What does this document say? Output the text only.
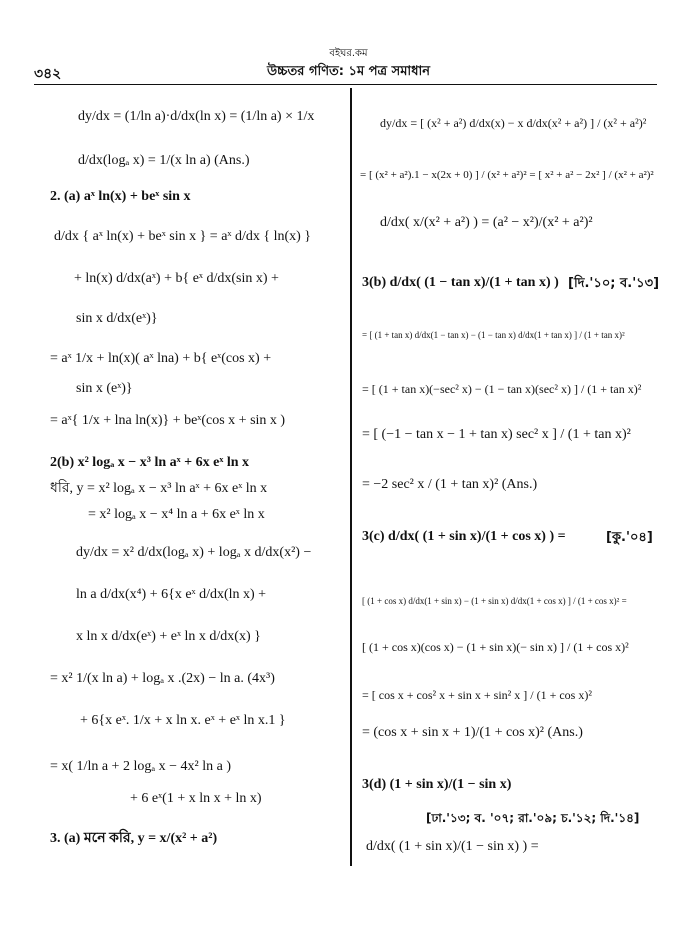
বইঘর.কম
৩৪২	উচ্চতর গণিত: ১ম পত্র সমাধান
dy/dx = (1/ln a)·d/dx(ln x) = (1/ln a) × 1/x
d/dx(logₐ x) = 1/(x ln a) (Ans.)
2. (a) aˣ ln(x) + beˣ sin x
d/dx { aˣ ln(x) + beˣ sin x } = aˣ d/dx { ln(x) }
+ ln(x) d/dx(aˣ) + b{ eˣ d/dx(sin x) +
sin x d/dx(eˣ)}
= aˣ 1/x + ln(x)( aˣ lna) + b{ eˣ(cos x) +
sin x (eˣ)}
= aˣ{ 1/x + lna ln(x)} + beˣ(cos x + sin x )
2(b) x² logₐ x − x³ ln aˣ + 6x eˣ ln x
ধরি, y = x² logₐ x − x³ ln aˣ + 6x eˣ ln x
= x² logₐ x − x⁴ ln a + 6x eˣ ln x
dy/dx = x² d/dx(logₐ x) + logₐ x d/dx(x²) −
ln a d/dx(x⁴) + 6{x eˣ d/dx(ln x) +
x ln x d/dx(eˣ) + eˣ ln x d/dx(x) }
= x² 1/(x ln a) + logₐ x .(2x) − ln a. (4x³)
+ 6{x eˣ. 1/x + x ln x. eˣ + eˣ ln x.1 }
= x( 1/ln a + 2 logₐ x − 4x² ln a )
+ 6 eˣ(1 + x ln x + ln x)
3. (a) মনে করি, y = x/(x² + a²)
dy/dx = [ (x² + a²) d/dx(x) − x d/dx(x² + a²) ] / (x² + a²)²
= [ (x² + a²).1 − x(2x + 0) ] / (x² + a²)² = [ x² + a² − 2x² ] / (x² + a²)²
d/dx( x/(x² + a²) ) = (a² − x²)/(x² + a²)²
3(b) d/dx( (1 − tan x)/(1 + tan x) ) [দি.'১০; ব.'১৩]
= [ (1 + tan x) d/dx(1 − tan x) − (1 − tan x) d/dx(1 + tan x) ] / (1 + tan x)²
= [ (1 + tan x)(−sec² x) − (1 − tan x)(sec² x) ] / (1 + tan x)²
= [ (−1 − tan x − 1 + tan x) sec² x ] / (1 + tan x)²
= −2 sec² x / (1 + tan x)² (Ans.)
3(c) d/dx( (1 + sin x)/(1 + cos x) ) =	[কু.'০৪]
[ (1 + cos x) d/dx(1 + sin x) − (1 + sin x) d/dx(1 + cos x) ] / (1 + cos x)² =
[ (1 + cos x)(cos x) − (1 + sin x)(− sin x) ] / (1 + cos x)²
= [ cos x + cos² x + sin x + sin² x ] / (1 + cos x)²
= (cos x + sin x + 1)/(1 + cos x)² (Ans.)
3(d) (1 + sin x)/(1 − sin x)
[ঢা.'১৩; ব. '০৭; রা.'০৯; চ.'১২; দি.'১৪]
d/dx( (1 + sin x)/(1 − sin x) ) =
